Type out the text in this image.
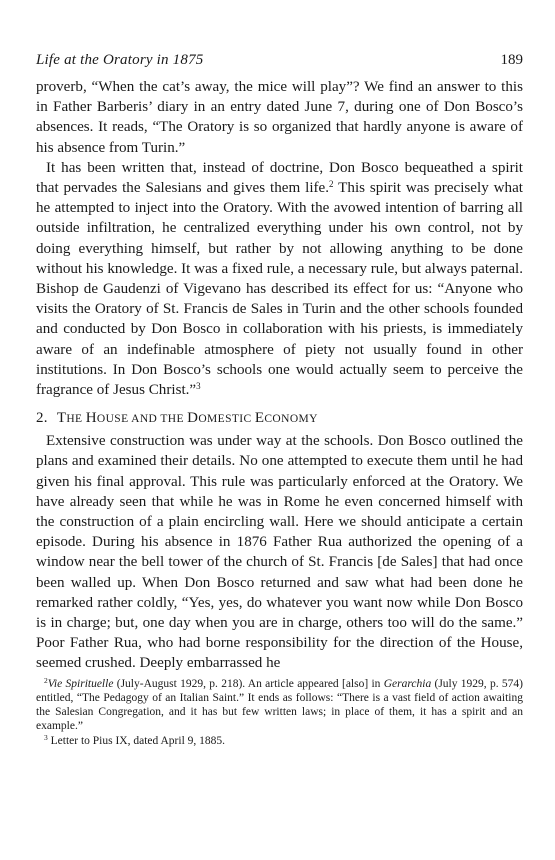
Life at the Oratory in 1875	189

proverb, “When the cat’s away, the mice will play”? We find an answer to this in Father Barberis’ diary in an entry dated June 7, during one of Don Bosco’s absences. It reads, “The Oratory is so organized that hardly anyone is aware of his absence from Turin.”

It has been written that, instead of doctrine, Don Bosco bequeathed a spirit that pervades the Salesians and gives them life.$^2$ This spirit was precisely what he attempted to inject into the Oratory. With the avowed intention of barring all outside infiltration, he centralized everything under his own control, not by doing everything himself, but rather by not allowing anything to be done without his knowledge. It was a fixed rule, a necessary rule, but always paternal. Bishop de Gaudenzi of Vigevano has described its effect for us: “Anyone who visits the Oratory of St. Francis de Sales in Turin and the other schools founded and conducted by Don Bosco in collaboration with his priests, is immediately aware of an indefinable atmosphere of piety not usually found in other institutions. In Don Bosco’s schools one would actually seem to perceive the fragrance of Jesus Christ.”$^3$

2. THE HOUSE AND THE DOMESTIC ECONOMY

Extensive construction was under way at the schools. Don Bosco outlined the plans and examined their details. No one attempted to execute them until he had given his final approval. This rule was particularly enforced at the Oratory. We have already seen that while he was in Rome he even concerned himself with the construction of a plain encircling wall. Here we should anticipate a certain episode. During his absence in 1876 Father Rua authorized the opening of a window near the bell tower of the church of St. Francis [de Sales] that had once been walled up. When Don Bosco returned and saw what had been done he remarked rather coldly, “Yes, yes, do whatever you want now while Don Bosco is in charge; but, one day when you are in charge, others too will do the same.” Poor Father Rua, who had borne responsibility for the direction of the House, seemed crushed. Deeply embarrassed he

$^2$Vie Spirituelle (July-August 1929, p. 218). An article appeared [also] in Gerarchia (July 1929, p. 574) entitled, “The Pedagogy of an Italian Saint.” It ends as follows: “There is a vast field of action awaiting the Salesian Congregation, and it has but few written laws; in place of them, it has a spirit and an example.”

$^3$ Letter to Pius IX, dated April 9, 1885.
